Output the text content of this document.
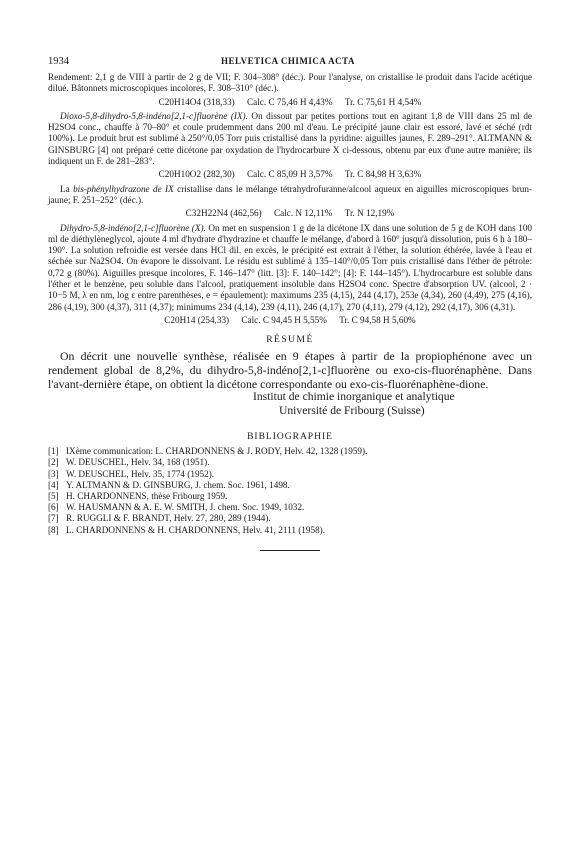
1934	HELVETICA CHIMICA ACTA

Rendement: 2,1 g de VIII à partir de 2 g de VII; F. 304–308° (déc.). Pour l'analyse, on cristallise le produit dans l'acide acétique dilué. Bâtonnets microscopiques incolores, F. 308–310° (déc.).

C20H14O4 (318,33) Calc. C 75,46 H 4,43% Tr. C 75,61 H 4,54%

Dioxo-5,8-dihydro-5,8-indéno[2,1-c]fluorène (IX). On dissout par petites portions tout en agitant 1,8 de VIII dans 25 ml de H2SO4 conc., chauffe à 70–80° et coule prudemment dans 200 ml d'eau. Le précipité jaune clair est essoré, lavé et séché (rdt 100%). Le produit brut est sublimé à 250°/0,05 Torr puis cristallisé dans la pyridine: aiguilles jaunes, F. 289–291°. ALTMANN & GINSBURG [4] ont préparé cette dicétone par oxydation de l'hydrocarbure X ci-dessous, obtenu par eux d'une autre manière; ils indiquent un F. de 281–283°.

C20H10O2 (282,30) Calc. C 85,09 H 3,57% Tr. C 84,98 H 3,63%

La bis-phénylhydrazone de IX cristallise dans le mélange tétrahydrofuranne/alcool aqueux en aiguilles microscopiques brun-jaune; F. 251–252° (déc.).

C32H22N4 (462,56) Calc. N 12,11% Tr. N 12,19%

Dihydro-5,8-indéno[2,1-c]fluorène (X). On met en suspension 1 g de la dicétone IX dans une solution de 5 g de KOH dans 100 ml de diéthylèneglycol, ajoute 4 ml d'hydrate d'hydrazine et chauffe le mélange, d'abord à 160° jusqu'à dissolution, puis 6 h à 180–190°. La solution refroidie est versée dans HCl dil. en excès, le précipité est extrait à l'éther, la solution éthérée, lavée à l'eau et séchée sur Na2SO4. On évapore le dissolvant. Le résidu est sublimé à 135–140°/0,05 Torr puis cristallisé dans l'éther de pétrole: 0,72 g (80%). Aiguilles presque incolores, F. 146–147° (litt. [3]: F. 140–142°; [4]: F. 144–145°). L'hydrocarbure est soluble dans l'éther et le benzène, peu soluble dans l'alcool, pratiquement insoluble dans H2SO4 conc. Spectre d'absorption UV. (alcool, 2 · 10−5 M, λ en nm, log ε entre parenthèses, e = épaulement): maximums 235 (4,15), 244 (4,17), 253e (4,34), 260 (4,49), 275 (4,16), 286 (4,19), 300 (4,37), 311 (4,37); minimums 234 (4,14), 239 (4,11), 246 (4,17), 270 (4,11), 279 (4,12), 292 (4,17), 306 (4,31).

C20H14 (254,33) Calc. C 94,45 H 5,55% Tr. C 94,58 H 5,60%
RÉSUMÉ

On décrit une nouvelle synthèse, réalisée en 9 étapes à partir de la propiophénone avec un rendement global de 8,2%, du dihydro-5,8-indéno[2,1-c]fluorène ou exo-cis-fluorénaphène. Dans l'avant-dernière étape, on obtient la dicétone correspondante ou exo-cis-fluorénaphène-dione.

Institut de chimie inorganique et analytique
Université de Fribourg (Suisse)
BIBLIOGRAPHIE
[1] IXème communication: L. CHARDONNENS & J. RODY, Helv. 42, 1328 (1959).
[2] W. DEUSCHEL, Helv. 34, 168 (1951).
[3] W. DEUSCHEL, Helv. 35, 1774 (1952).
[4] Y. ALTMANN & D. GINSBURG, J. chem. Soc. 1961, 1498.
[5] H. CHARDONNENS, thèse Fribourg 1959.
[6] W. HAUSMANN & A. E. W. SMITH, J. chem. Soc. 1949, 1032.
[7] R. RUGGLI & F. BRANDT, Helv. 27, 280, 289 (1944).
[8] L. CHARDONNENS & H. CHARDONNENS, Helv. 41, 2111 (1958).
